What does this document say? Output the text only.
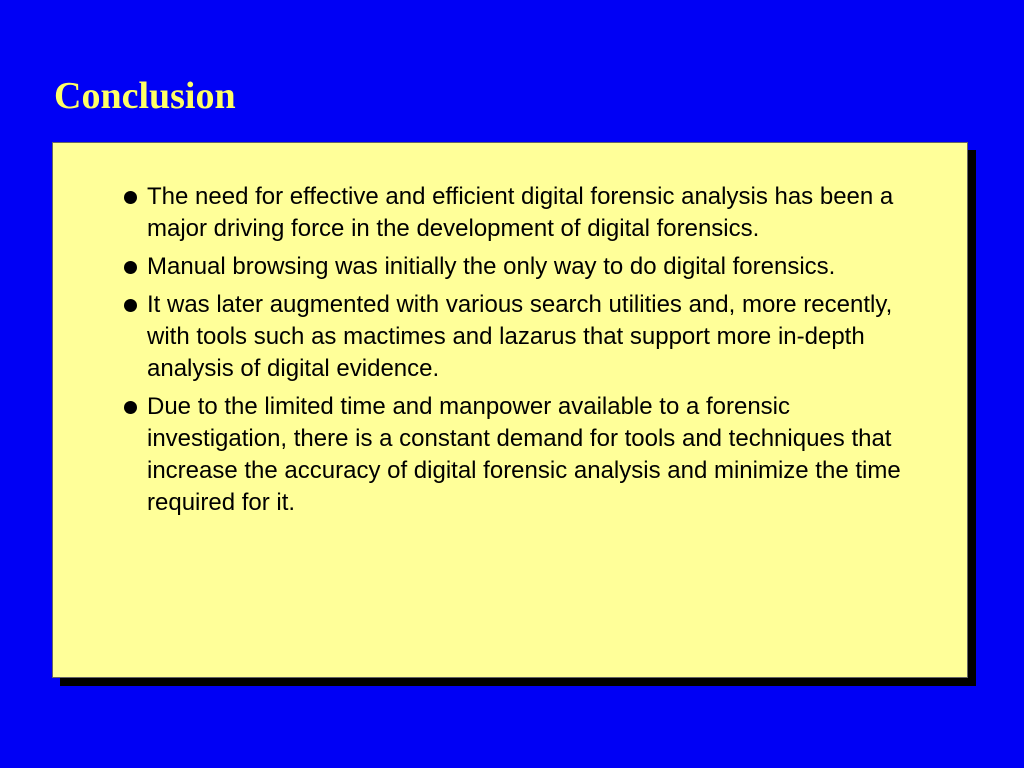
Conclusion
The need for effective and efficient digital forensic analysis has been a major driving force in the development of digital forensics.
Manual browsing was initially the only way to do digital forensics.
It was later augmented with various search utilities and, more recently, with tools such as mactimes and lazarus that support more in-depth analysis of digital evidence.
Due to the limited time and manpower available to a forensic investigation, there is a constant demand for tools and techniques that increase the accuracy of digital forensic analysis and minimize the time required for it.
